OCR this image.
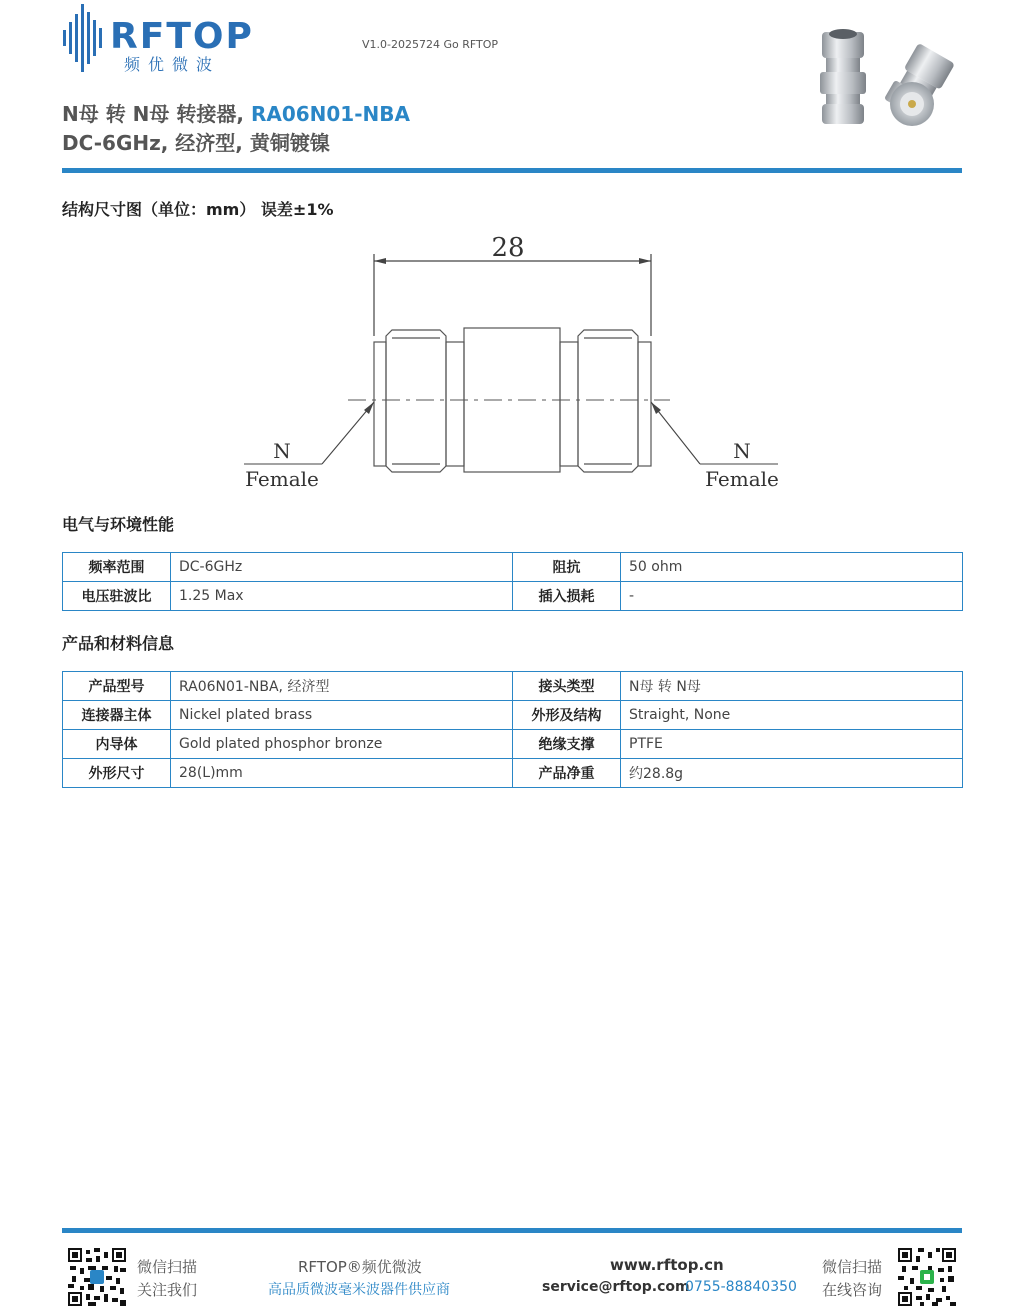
RFTOP
频优微波
V1.0-2025724 Go RFTOP
N母 转 N母 转接器, RA06N01-NBA
DC-6GHz, 经济型, 黄铜镀镍
结构尺寸图（单位：mm） 误差±1%
28
N
Female
N
Female
电气与环境性能
频率范围	DC-6GHz	阻抗	50 ohm
电压驻波比	1.25 Max	插入损耗	-
产品和材料信息
产品型号	RA06N01-NBA, 经济型	接头类型	N母 转 N母
连接器主体	Nickel plated brass	外形及结构	Straight, None
内导体	Gold plated phosphor bronze	绝缘支撑	PTFE
外形尺寸	28(L)mm	产品净重	约28.8g
微信扫描
关注我们
RFTOP®频优微波
高品质微波毫米波器件供应商
www.rftop.cn
service@rftop.com
0755-88840350
微信扫描
在线咨询
